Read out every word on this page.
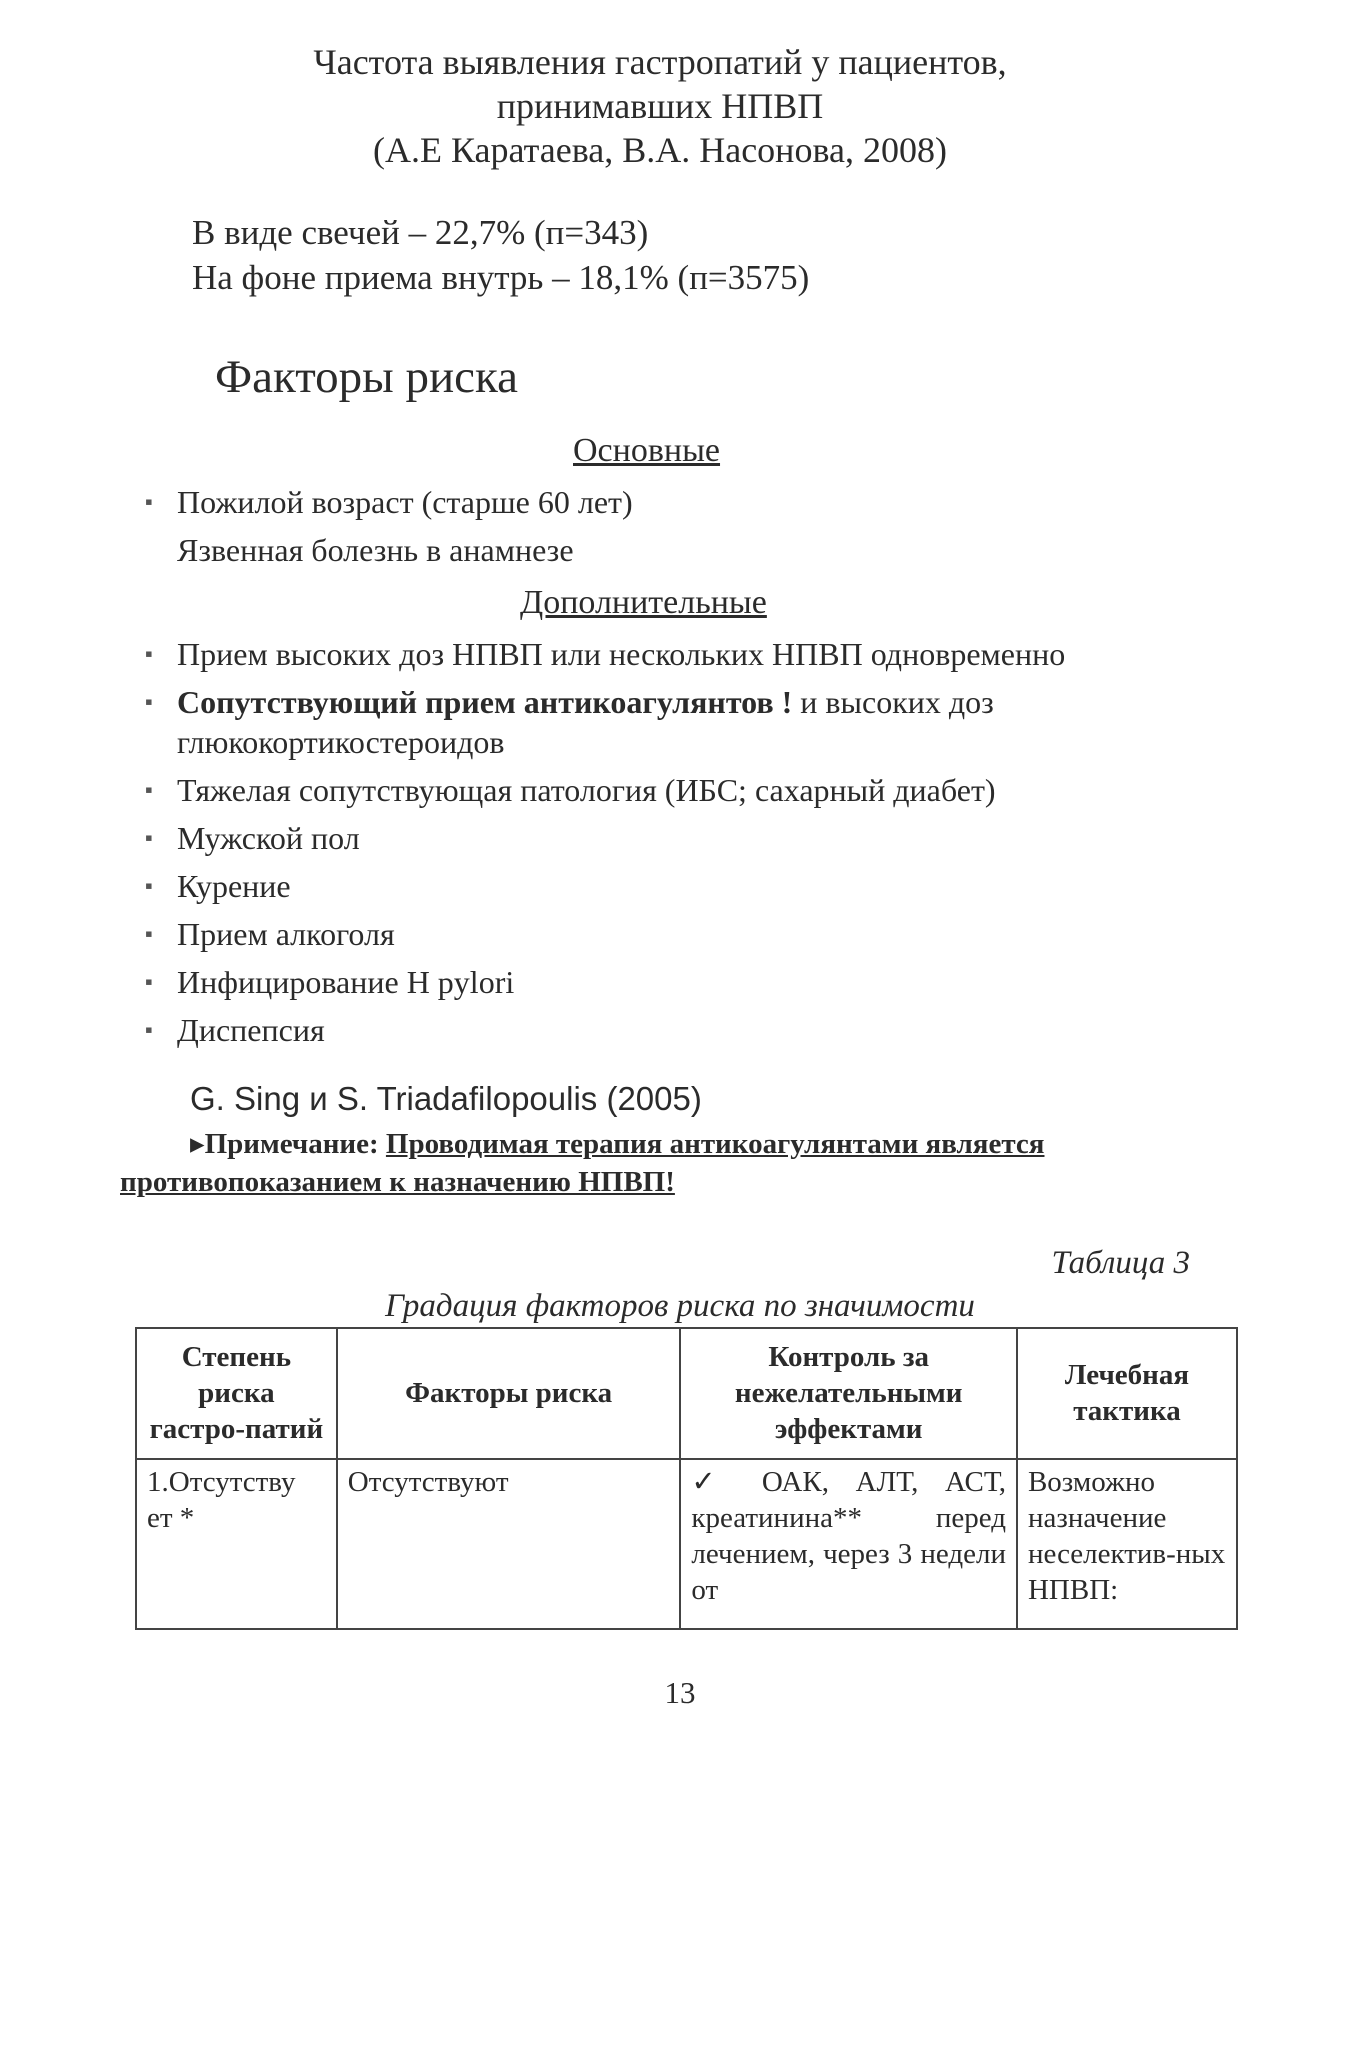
Частота выявления гастропатий у пациентов,
принимавших НПВП
(А.Е Каратаева, В.А. Насонова, 2008)
В виде свечей – 22,7% (п=343)
На фоне приема внутрь – 18,1% (п=3575)
Факторы риска
Основные
▪ Пожилой возраст (старше 60 лет)
Язвенная болезнь в анамнезе
Дополнительные
▪ Прием высоких доз НПВП или нескольких НПВП одновременно
▪ Сопутствующий прием антикоагулянтов ! и высоких доз глюкокортикостероидов
▪ Тяжелая сопутствующая патология (ИБС; сахарный диабет)
▪ Мужской пол
▪ Курение
▪ Прием алкоголя
▪ Инфицирование H pylori
▪ Диспепсия
G. Sing и S. Triadafilopoulis (2005)
▸Примечание: Проводимая терапия антикоагулянтами является
противопоказанием к назначению НПВП!
Таблица 3
Градация факторов риска по значимости
Степень риска гастро-патий	Факторы риска	Контроль за нежелательными эффектами	Лечебная тактика
1.Отсутству ет *	Отсутствуют	✓ ОАК, АЛТ, АСТ, креатинина** перед лечением, через 3 недели от	Возможно назначение неселектив-ных НПВП:
13
